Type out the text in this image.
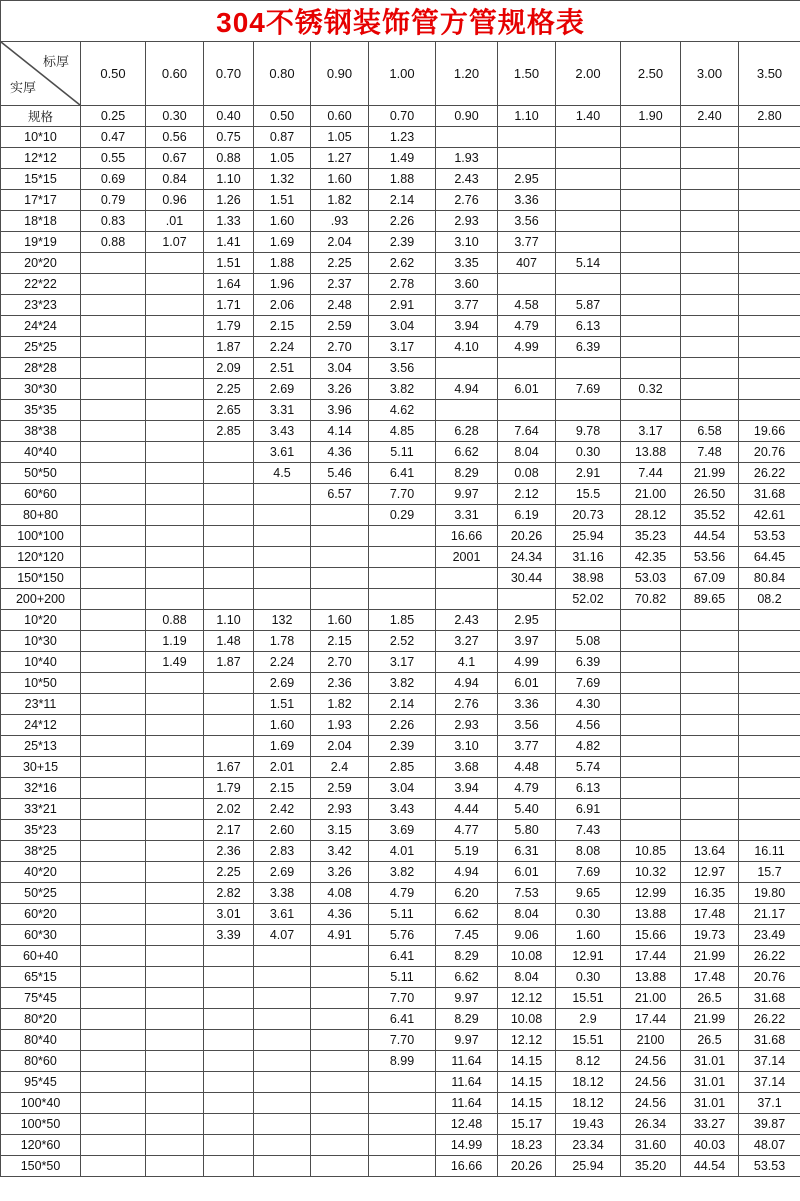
304不锈钢装饰管方管规格表												

标厚
实厚	0.50	0.60	0.70	0.80	0.90	1.00	1.20	1.50	2.00	2.50	3.00	3.50
规格	0.25	0.30	0.40	0.50	0.60	0.70	0.90	1.10	1.40	1.90	2.40	2.80
10*10	0.47	0.56	0.75	0.87	1.05	1.23						
12*12	0.55	0.67	0.88	1.05	1.27	1.49	1.93					
15*15	0.69	0.84	1.10	1.32	1.60	1.88	2.43	2.95				
17*17	0.79	0.96	1.26	1.51	1.82	2.14	2.76	3.36				
18*18	0.83	.01	1.33	1.60	.93	2.26	2.93	3.56				
19*19	0.88	1.07	1.41	1.69	2.04	2.39	3.10	3.77				
20*20			1.51	1.88	2.25	2.62	3.35	407	5.14			
22*22			1.64	1.96	2.37	2.78	3.60					
23*23			1.71	2.06	2.48	2.91	3.77	4.58	5.87			
24*24			1.79	2.15	2.59	3.04	3.94	4.79	6.13			
25*25			1.87	2.24	2.70	3.17	4.10	4.99	6.39			
28*28			2.09	2.51	3.04	3.56						
30*30			2.25	2.69	3.26	3.82	4.94	6.01	7.69	0.32		
35*35			2.65	3.31	3.96	4.62						
38*38			2.85	3.43	4.14	4.85	6.28	7.64	9.78	3.17	6.58	19.66
40*40				3.61	4.36	5.11	6.62	8.04	0.30	13.88	7.48	20.76
50*50				4.5	5.46	6.41	8.29	0.08	2.91	7.44	21.99	26.22
60*60					6.57	7.70	9.97	2.12	15.5	21.00	26.50	31.68
80+80						0.29	3.31	6.19	20.73	28.12	35.52	42.61
100*100							16.66	20.26	25.94	35.23	44.54	53.53
120*120							2001	24.34	31.16	42.35	53.56	64.45
150*150								30.44	38.98	53.03	67.09	80.84
200+200									52.02	70.82	89.65	08.2
10*20		0.88	1.10	132	1.60	1.85	2.43	2.95				
10*30		1.19	1.48	1.78	2.15	2.52	3.27	3.97	5.08			
10*40		1.49	1.87	2.24	2.70	3.17	4.1	4.99	6.39			
10*50				2.69	2.36	3.82	4.94	6.01	7.69			
23*11				1.51	1.82	2.14	2.76	3.36	4.30			
24*12				1.60	1.93	2.26	2.93	3.56	4.56			
25*13				1.69	2.04	2.39	3.10	3.77	4.82			
30+15			1.67	2.01	2.4	2.85	3.68	4.48	5.74			
32*16			1.79	2.15	2.59	3.04	3.94	4.79	6.13			
33*21			2.02	2.42	2.93	3.43	4.44	5.40	6.91			
35*23			2.17	2.60	3.15	3.69	4.77	5.80	7.43			
38*25			2.36	2.83	3.42	4.01	5.19	6.31	8.08	10.85	13.64	16.11
40*20			2.25	2.69	3.26	3.82	4.94	6.01	7.69	10.32	12.97	15.7
50*25			2.82	3.38	4.08	4.79	6.20	7.53	9.65	12.99	16.35	19.80
60*20			3.01	3.61	4.36	5.11	6.62	8.04	0.30	13.88	17.48	21.17
60*30			3.39	4.07	4.91	5.76	7.45	9.06	1.60	15.66	19.73	23.49
60+40						6.41	8.29	10.08	12.91	17.44	21.99	26.22
65*15						5.11	6.62	8.04	0.30	13.88	17.48	20.76
75*45						7.70	9.97	12.12	15.51	21.00	26.5	31.68
80*20						6.41	8.29	10.08	2.9	17.44	21.99	26.22
80*40						7.70	9.97	12.12	15.51	2100	26.5	31.68
80*60						8.99	11.64	14.15	8.12	24.56	31.01	37.14
95*45							11.64	14.15	18.12	24.56	31.01	37.14
100*40							11.64	14.15	18.12	24.56	31.01	37.1
100*50							12.48	15.17	19.43	26.34	33.27	39.87
120*60							14.99	18.23	23.34	31.60	40.03	48.07
150*50							16.66	20.26	25.94	35.20	44.54	53.53
